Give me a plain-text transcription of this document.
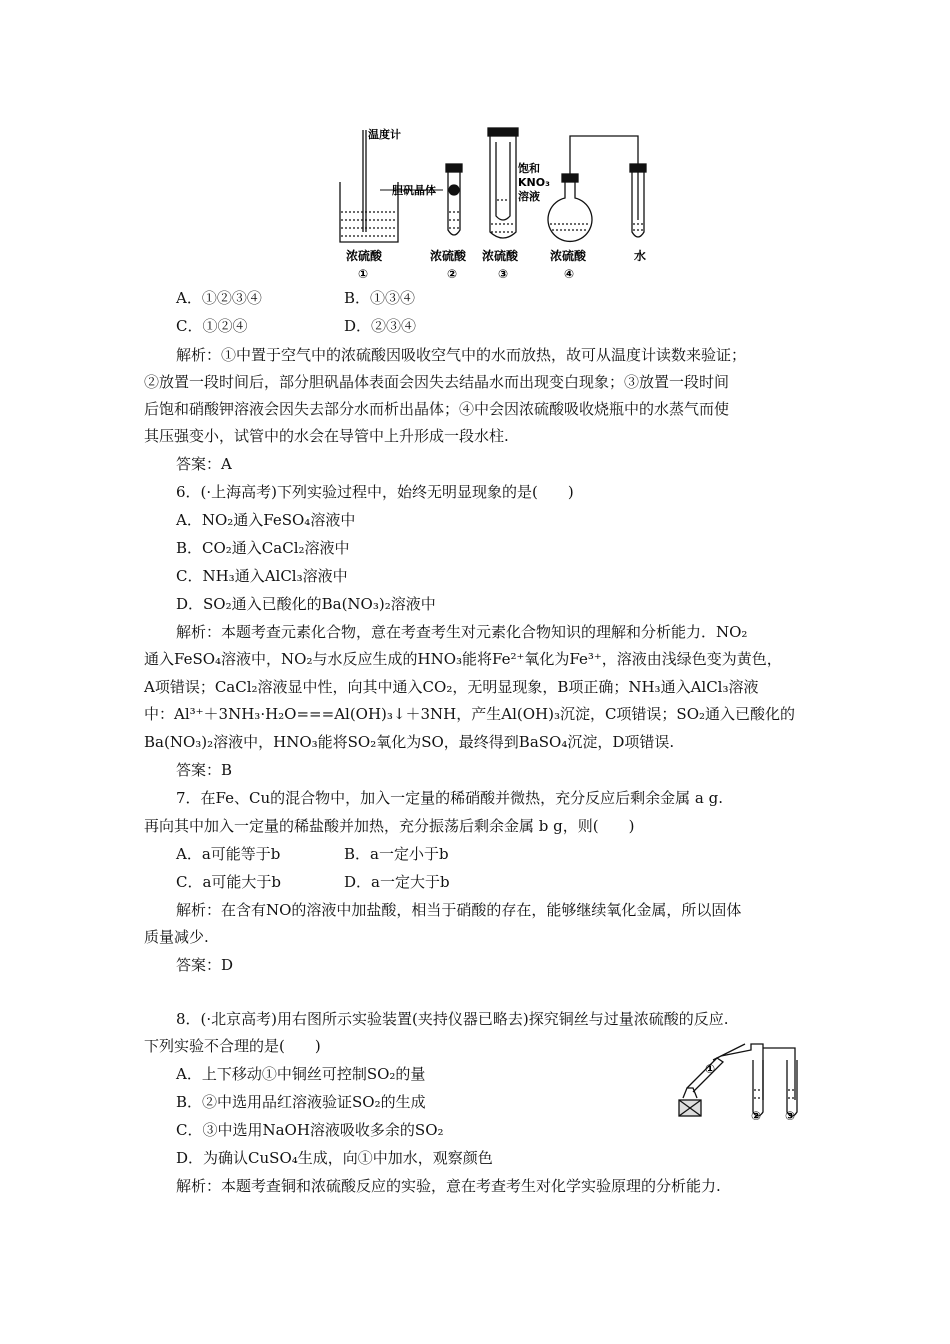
温度计
胆矾晶体
饱和
KNO₃
溶液
浓硫酸	浓硫酸 浓硫酸	浓硫酸	水
①	②	③	④
A．①②③④	B．①③④
C．①②④	D．②③④
解析：①中置于空气中的浓硫酸因吸收空气中的水而放热，故可从温度计读数来验证；
②放置一段时间后，部分胆矾晶体表面会因失去结晶水而出现变白现象；③放置一段时间
后饱和硝酸钾溶液会因失去部分水而析出晶体；④中会因浓硫酸吸收烧瓶中的水蒸气而使
其压强变小，试管中的水会在导管中上升形成一段水柱.
答案：A
6．(·上海高考)下列实验过程中，始终无明显现象的是(　　)
A．NO₂通入FeSO₄溶液中
B．CO₂通入CaCl₂溶液中
C．NH₃通入AlCl₃溶液中
D．SO₂通入已酸化的Ba(NO₃)₂溶液中
解析：本题考查元素化合物，意在考查考生对元素化合物知识的理解和分析能力．NO₂
通入FeSO₄溶液中，NO₂与水反应生成的HNO₃能将Fe²⁺氧化为Fe³⁺，溶液由浅绿色变为黄色，
A项错误；CaCl₂溶液显中性，向其中通入CO₂，无明显现象，B项正确；NH₃通入AlCl₃溶液
中：Al³⁺＋3NH₃·H₂O===Al(OH)₃↓＋3NH，产生Al(OH)₃沉淀，C项错误；SO₂通入已酸化的
Ba(NO₃)₂溶液中，HNO₃能将SO₂氧化为SO，最终得到BaSO₄沉淀，D项错误.
答案：B
7．在Fe、Cu的混合物中，加入一定量的稀硝酸并微热，充分反应后剩余金属 a g.
再向其中加入一定量的稀盐酸并加热，充分振荡后剩余金属 b g，则(　　)
A．a可能等于b	B．a一定小于b
C．a可能大于b	D．a一定大于b
解析：在含有NO的溶液中加盐酸，相当于硝酸的存在，能够继续氧化金属，所以固体
质量减少.
答案：D
8．(·北京高考)用右图所示实验装置(夹持仪器已略去)探究铜丝与过量浓硫酸的反应.
下列实验不合理的是(　　)
A．上下移动①中铜丝可控制SO₂的量
B．②中选用品红溶液验证SO₂的生成
C．③中选用NaOH溶液吸收多余的SO₂
D．为确认CuSO₄生成，向①中加水，观察颜色
解析：本题考查铜和浓硫酸反应的实验，意在考查考生对化学实验原理的分析能力.
①
② ③
